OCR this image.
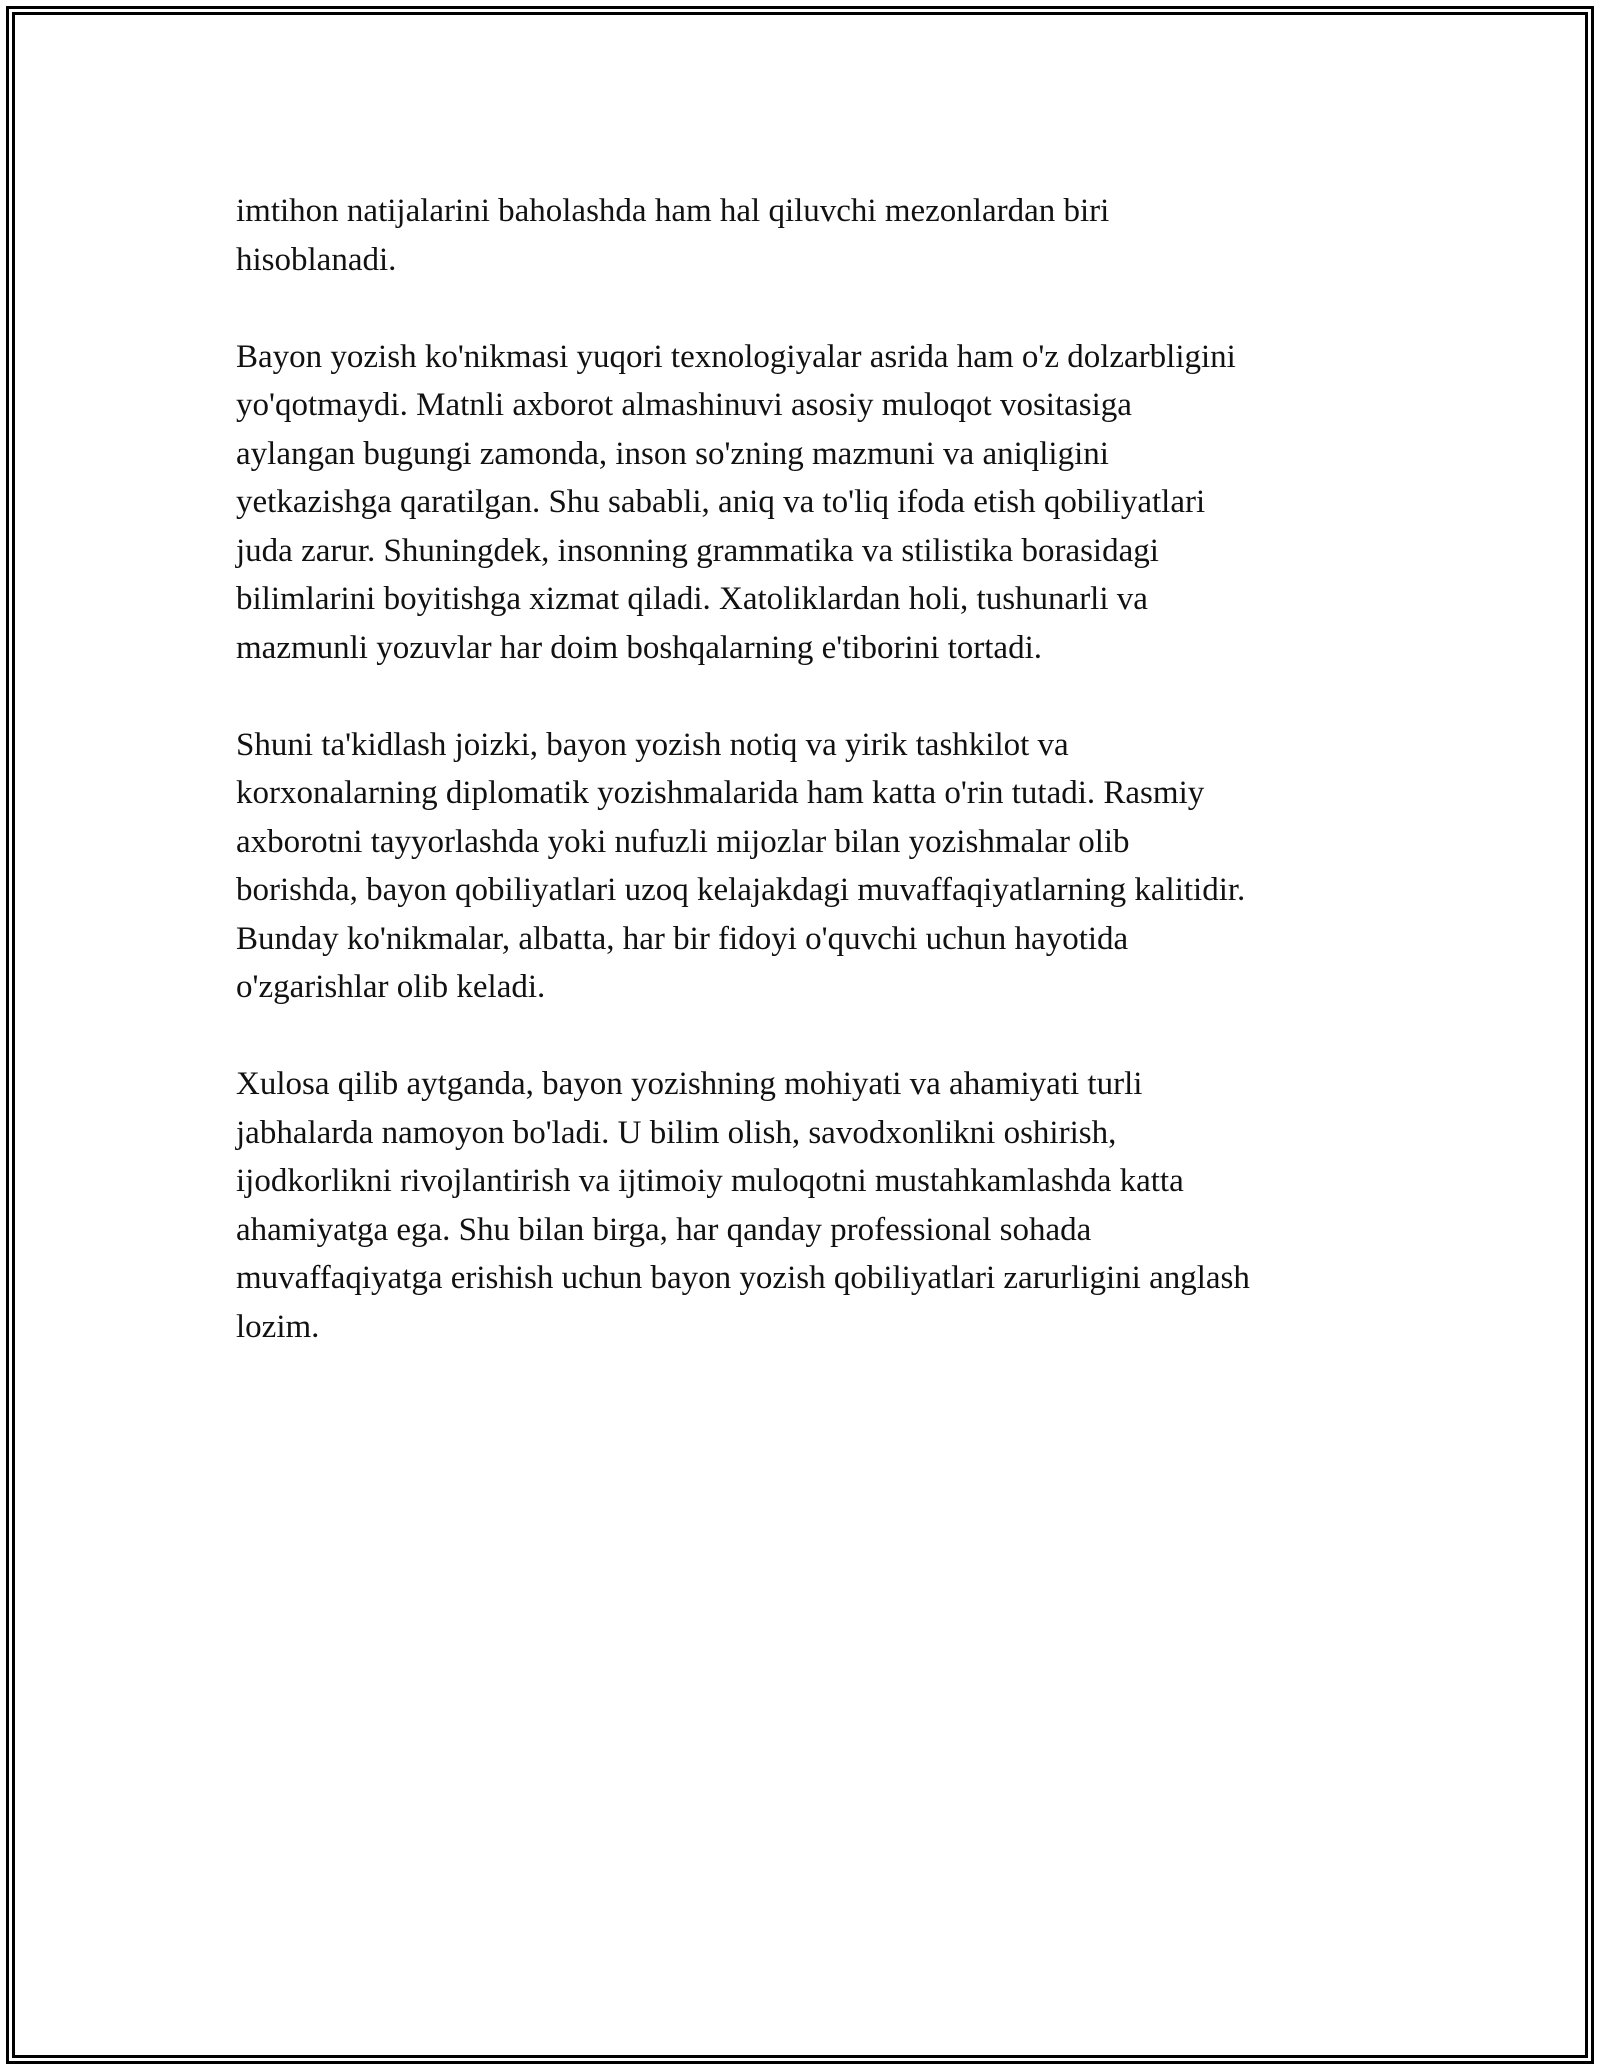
imtihon natijalarini baholashda ham hal qiluvchi mezonlardan biri
hisoblanadi.

Bayon yozish ko'nikmasi yuqori texnologiyalar asrida ham o'z dolzarbligini
yo'qotmaydi. Matnli axborot almashinuvi asosiy muloqot vositasiga
aylangan bugungi zamonda, inson so'zning mazmuni va aniqligini
yetkazishga qaratilgan. Shu sababli, aniq va to'liq ifoda etish qobiliyatlari
juda zarur. Shuningdek, insonning grammatika va stilistika borasidagi
bilimlarini boyitishga xizmat qiladi. Xatoliklardan holi, tushunarli va
mazmunli yozuvlar har doim boshqalarning e'tiborini tortadi.

Shuni ta'kidlash joizki, bayon yozish notiq va yirik tashkilot va
korxonalarning diplomatik yozishmalarida ham katta o'rin tutadi. Rasmiy
axborotni tayyorlashda yoki nufuzli mijozlar bilan yozishmalar olib
borishda, bayon qobiliyatlari uzoq kelajakdagi muvaffaqiyatlarning kalitidir.
Bunday ko'nikmalar, albatta, har bir fidoyi o'quvchi uchun hayotida
o'zgarishlar olib keladi.

Xulosa qilib aytganda, bayon yozishning mohiyati va ahamiyati turli
jabhalarda namoyon bo'ladi. U bilim olish, savodxonlikni oshirish,
ijodkorlikni rivojlantirish va ijtimoiy muloqotni mustahkamlashda katta
ahamiyatga ega. Shu bilan birga, har qanday professional sohada
muvaffaqiyatga erishish uchun bayon yozish qobiliyatlari zarurligini anglash
lozim.
